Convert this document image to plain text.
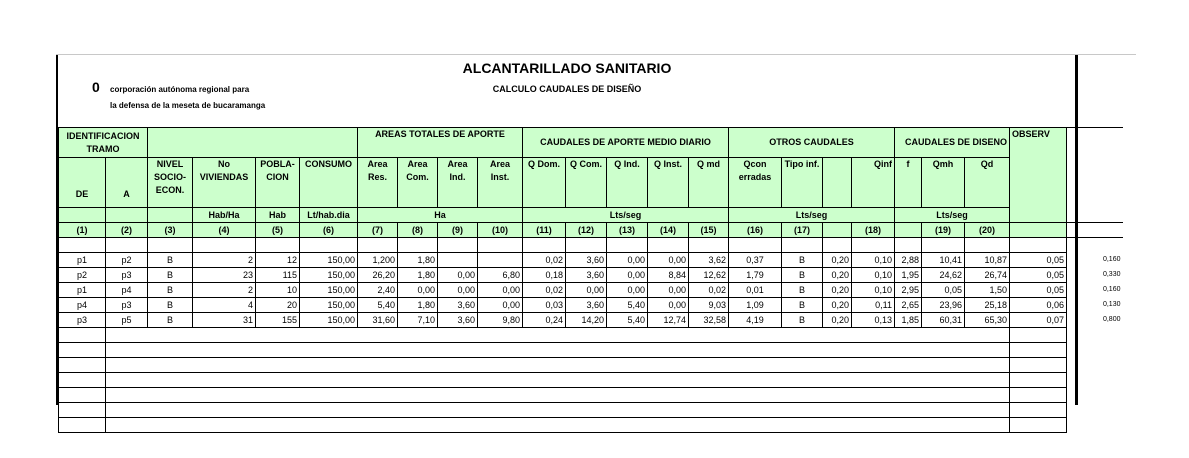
ALCANTARILLADO SANITARIO
CALCULO CAUDALES DE DISEÑO
0 corporación autónoma regional para
la defensa de la meseta de bucaramanga
IDENTIFICACION TRAMO						AREAS TOTALES DE APORTE				CAUDALES DE APORTE MEDIO DIARIO					OTROS CAUDALES				CAUDALES DE DISENO			OBSERV	
DE	A	NIVEL SOCIO-ECON.	No VIVIENDAS	POBLA-CION	CONSUMO	Area Res.	Area Com.	Area Ind.	Area Inst.	Q Dom.	Q Com.	Q Ind.	Q Inst.	Q md	Qcon erradas	Tipo inf.		Qinf	f	Qmh	Qd		
			Hab/Ha	Hab	Lt/hab.dia	Ha				Lts/seg					Lts/seg				Lts/seg				
(1)	(2)	(3)	(4)	(5)	(6)	(7)	(8)	(9)	(10)	(11)	(12)	(13)	(14)	(15)	(16)	(17)		(18)		(19)	(20)		

p1	p2	B	2	12	150,00	1,200	1,80			0,02	3,60	0,00	0,00	3,62	0,37	B	0,20	0,10	2,88	10,41	10,87	0,05	0,160
p2	p3	B	23	115	150,00	26,20	1,80	0,00	6,80	0,18	3,60	0,00	8,84	12,62	1,79	B	0,20	0,10	1,95	24,62	26,74	0,05	0,330
p1	p4	B	2	10	150,00	2,40	0,00	0,00	0,00	0,02	0,00	0,00	0,00	0,02	0,01	B	0,20	0,10	2,95	0,05	1,50	0,05	0,160
p4	p3	B	4	20	150,00	5,40	1,80	3,60	0,00	0,03	3,60	5,40	0,00	9,03	1,09	B	0,20	0,11	2,65	23,96	25,18	0,06	0,130
p3	p5	B	31	155	150,00	31,60	7,10	3,60	9,80	0,24	14,20	5,40	12,74	32,58	4,19	B	0,20	0,13	1,85	60,31	65,30	0,07	0,800
